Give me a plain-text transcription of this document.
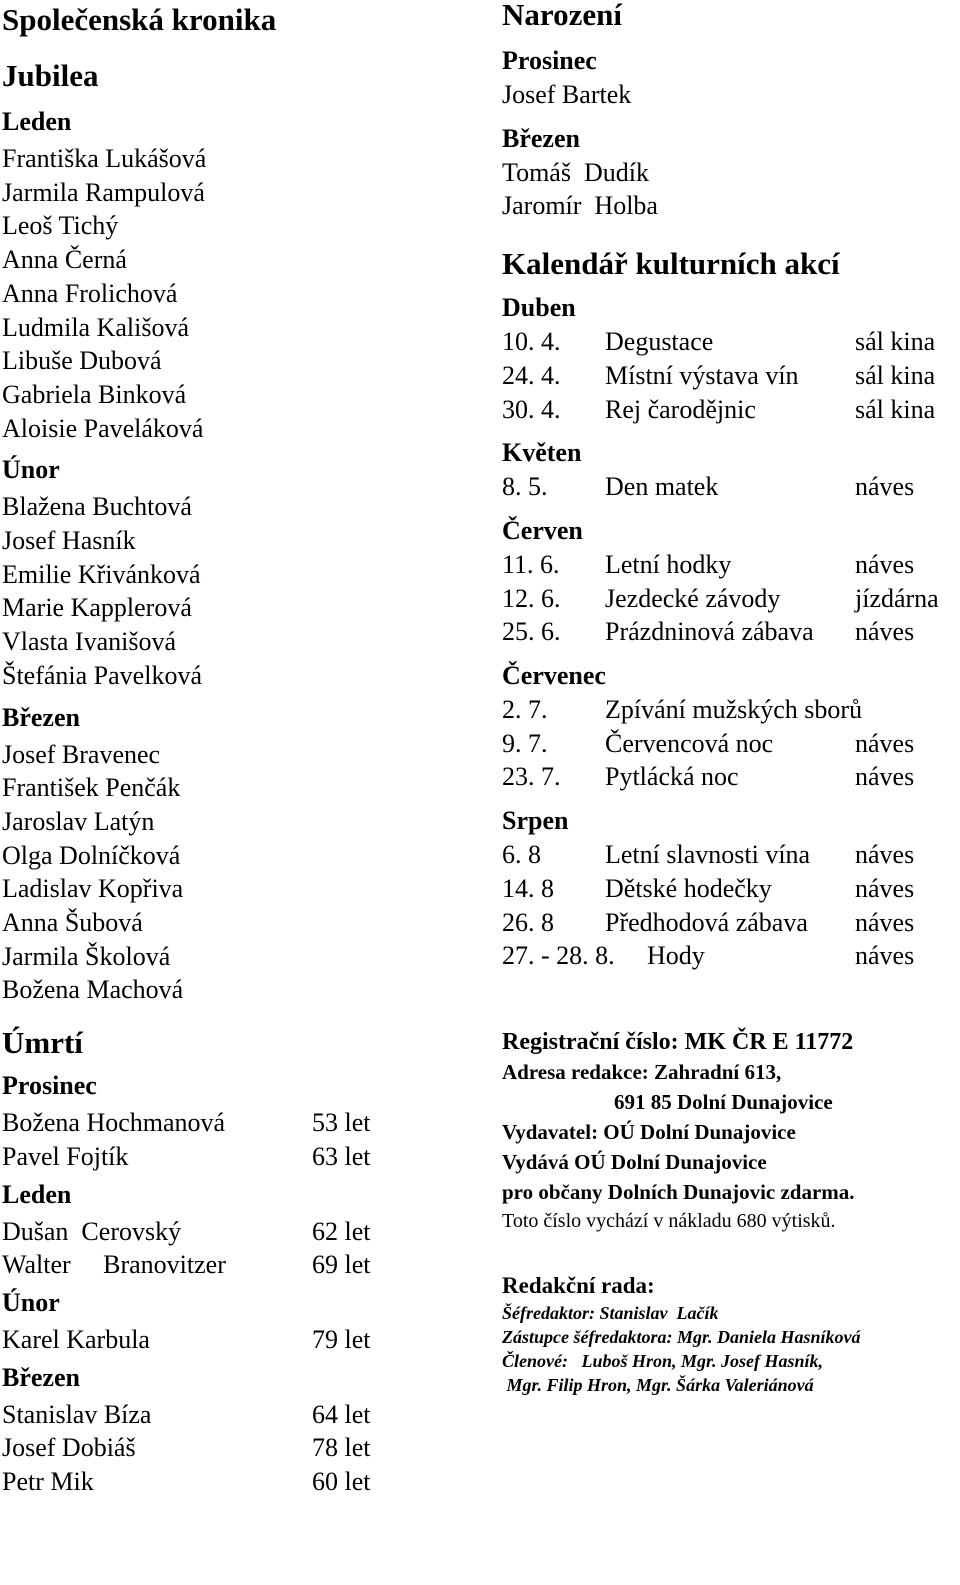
Společenská kronika
Jubilea
Leden
Františka Lukášová
Jarmila Rampulová
Leoš Tichý
Anna Černá
Anna Frolichová
Ludmila Kališová
Libuše Dubová
Gabriela Binková
Aloisie Paveláková
Únor
Blažena Buchtová
Josef Hasník
Emilie Křivánková
Marie Kapplerová
Vlasta Ivanišová
Štefánia Pavelková
Březen
Josef Bravenec
František Penčák
Jaroslav Latýn
Olga Dolníčková
Ladislav Kopřiva
Anna Šubová
Jarmila Školová
Božena Machová
Úmrtí
Prosinec
Božena Hochmanová	53 let
Pavel Fojtík	63 let
Leden
Dušan  Cerovský	62 let
Walter     Branovitzer	69 let
Únor
Karel Karbula	79 let
Březen
Stanislav Bíza	64 let
Josef Dobiáš	78 let
Petr Mik	60 let
Narození
Prosinec
Josef Bartek
Březen
Tomáš  Dudík
Jaromír  Holba
Kalendář kulturních akcí
Duben
10. 4.	Degustace	sál kina
24. 4.	Místní výstava vín	sál kina
30. 4.	Rej čarodějnic	sál kina
Květen
8. 5.	Den matek	náves
Červen
11. 6.	Letní hodky	náves
12. 6.	Jezdecké závody	jízdárna
25. 6.	Prázdninová zábava	náves
Červenec
2. 7.	Zpívání mužských sborů
9. 7.	Červencová noc	náves
23. 7.	Pytlácká noc	náves
Srpen
6. 8	Letní slavnosti vína	náves
14. 8	Dětské hodečky	náves
26. 8	Předhodová zábava	náves
27. - 28. 8.	Hody	náves
Registrační číslo: MK ČR E 11772
Adresa redakce: Zahradní 613,
691 85 Dolní Dunajovice
Vydavatel: OÚ Dolní Dunajovice
Vydává OÚ Dolní Dunajovice
pro občany Dolních Dunajovic zdarma.
Toto číslo vychází v nákladu 680 výtisků.
Redakční rada:
Šéfredaktor: Stanislav  Lačík
Zástupce šéfredaktora: Mgr. Daniela Hasníková
Členové:   Luboš Hron, Mgr. Josef Hasník,
Mgr. Filip Hron, Mgr. Šárka Valeriánová
